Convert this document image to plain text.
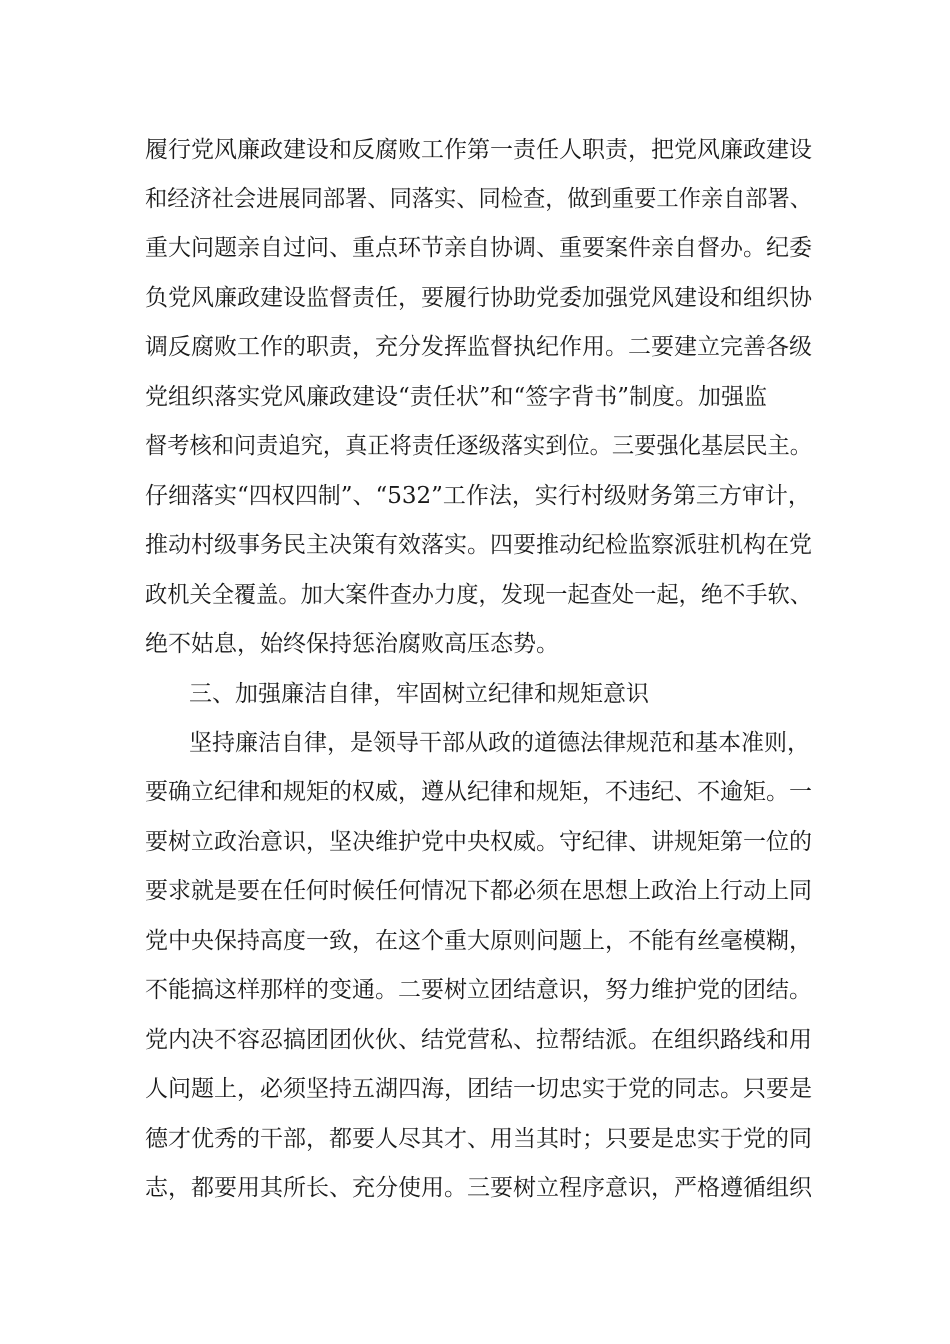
履行党风廉政建设和反腐败工作第一责任人职责，把党风廉政建设
和经济社会进展同部署、同落实、同检查，做到重要工作亲自部署、
重大问题亲自过问、重点环节亲自协调、重要案件亲自督办。纪委
负党风廉政建设监督责任，要履行协助党委加强党风建设和组织协
调反腐败工作的职责，充分发挥监督执纪作用。二要建立完善各级
党组织落实党风廉政建设“责任状”和“签字背书”制度。加强监
督考核和问责追究，真正将责任逐级落实到位。三要强化基层民主。
仔细落实“四权四制”、“532”工作法，实行村级财务第三方审计，
推动村级事务民主决策有效落实。四要推动纪检监察派驻机构在党
政机关全覆盖。加大案件查办力度，发现一起查处一起，绝不手软、
绝不姑息，始终保持惩治腐败高压态势。
三、加强廉洁自律，牢固树立纪律和规矩意识
坚持廉洁自律，是领导干部从政的道德法律规范和基本准则，
要确立纪律和规矩的权威，遵从纪律和规矩，不违纪、不逾矩。一
要树立政治意识，坚决维护党中央权威。守纪律、讲规矩第一位的
要求就是要在任何时候任何情况下都必须在思想上政治上行动上同
党中央保持高度一致，在这个重大原则问题上，不能有丝毫模糊，
不能搞这样那样的变通。二要树立团结意识，努力维护党的团结。
党内决不容忍搞团团伙伙、结党营私、拉帮结派。在组织路线和用
人问题上，必须坚持五湖四海，团结一切忠实于党的同志。只要是
德才优秀的干部，都要人尽其才、用当其时；只要是忠实于党的同
志，都要用其所长、充分使用。三要树立程序意识，严格遵循组织
